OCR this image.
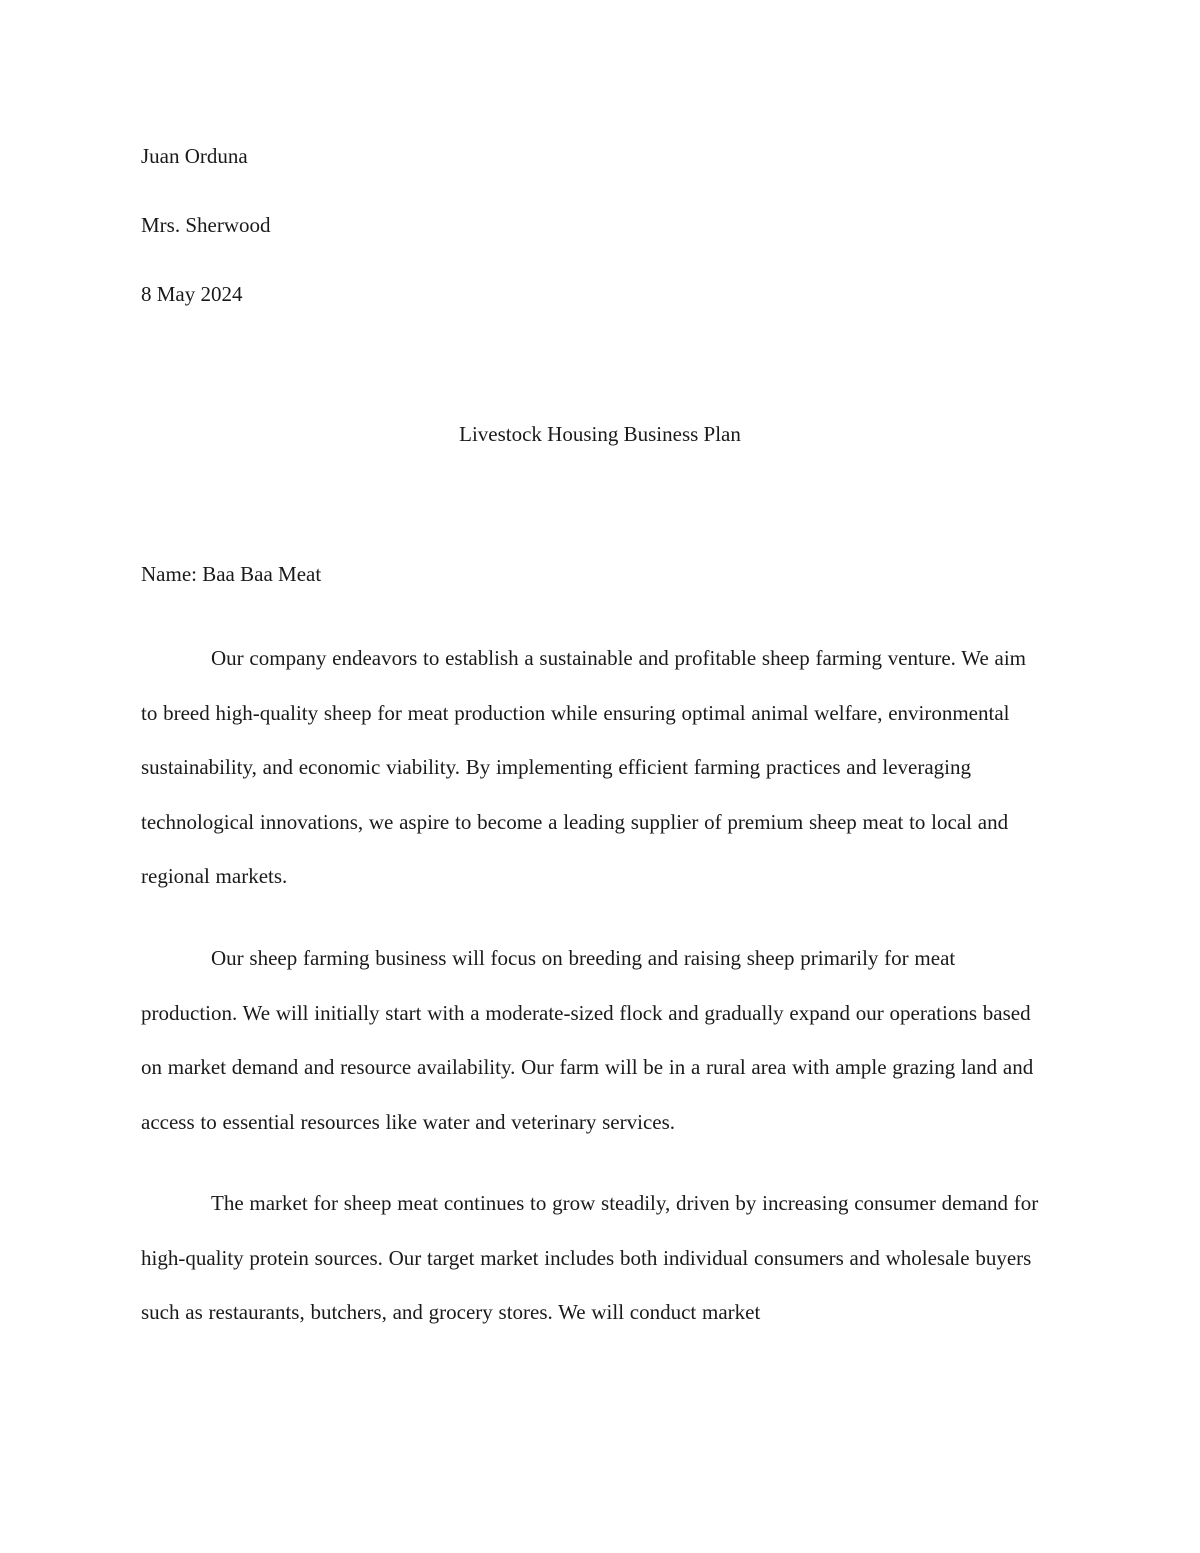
Juan Orduna

Mrs. Sherwood

8 May 2024

Livestock Housing Business Plan

Name: Baa Baa Meat

Our company endeavors to establish a sustainable and profitable sheep farming venture. We aim to breed high-quality sheep for meat production while ensuring optimal animal welfare, environmental sustainability, and economic viability. By implementing efficient farming practices and leveraging technological innovations, we aspire to become a leading supplier of premium sheep meat to local and regional markets.

Our sheep farming business will focus on breeding and raising sheep primarily for meat production. We will initially start with a moderate-sized flock and gradually expand our operations based on market demand and resource availability. Our farm will be in a rural area with ample grazing land and access to essential resources like water and veterinary services.

The market for sheep meat continues to grow steadily, driven by increasing consumer demand for high-quality protein sources. Our target market includes both individual consumers and wholesale buyers such as restaurants, butchers, and grocery stores. We will conduct market
